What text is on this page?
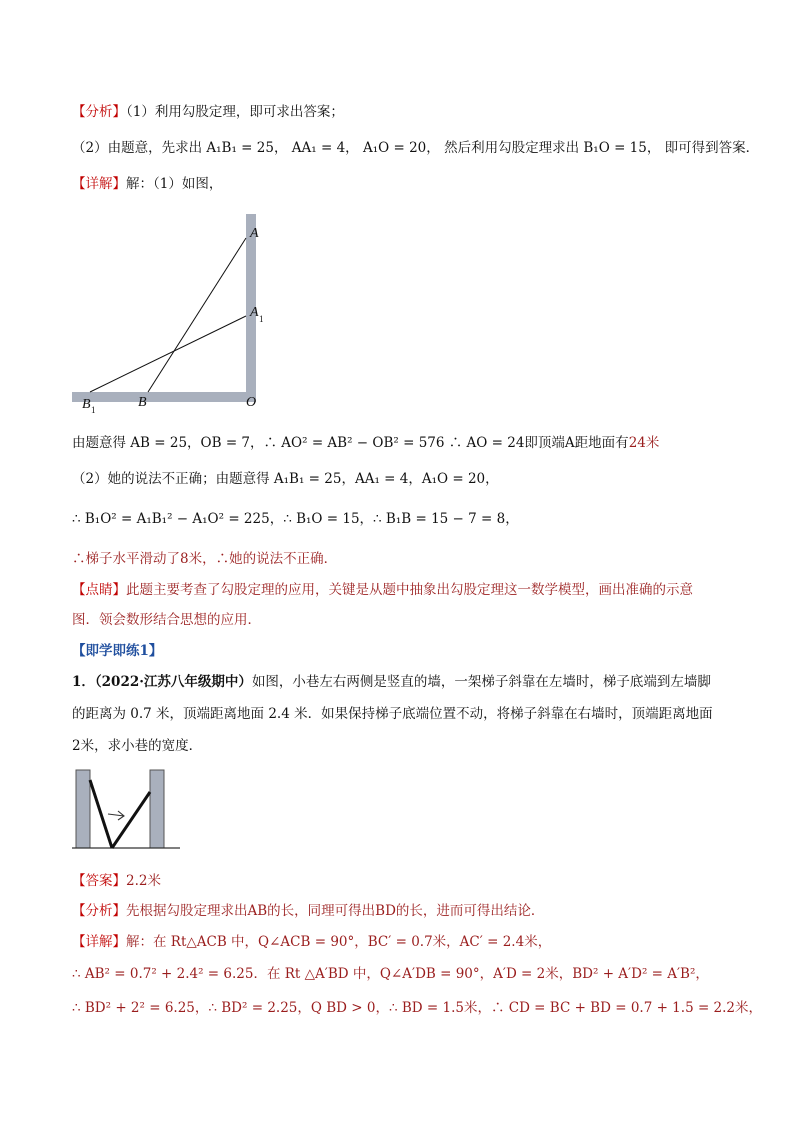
【分析】（1）利用勾股定理，即可求出答案；
（2）由题意，先求出 A₁B₁ = 25， AA₁ = 4， A₁O = 20， 然后利用勾股定理求出 B₁O = 15， 即可得到答案．
【详解】解：（1）如图，
A
A 1
B 1	B	O
由题意得 AB = 25，OB = 7，∴ AO² = AB² − OB² = 576 ∴ AO = 24即顶端A距地面有24米
（2）她的说法不正确；由题意得 A₁B₁ = 25，AA₁ = 4，A₁O = 20，
∴ B₁O² = A₁B₁² − A₁O² = 225，∴ B₁O = 15，∴ B₁B = 15 − 7 = 8，
∴梯子水平滑动了8米，∴她的说法不正确．
【点睛】此题主要考查了勾股定理的应用，关键是从题中抽象出勾股定理这一数学模型，画出准确的示意
图．领会数形结合思想的应用．
【即学即练1】
1．（2022·江苏八年级期中）如图，小巷左右两侧是竖直的墙，一架梯子斜靠在左墙时，梯子底端到左墙脚
的距离为 0.7 米，顶端距离地面 2.4 米．如果保持梯子底端位置不动，将梯子斜靠在右墙时，顶端距离地面
2米，求小巷的宽度．
【答案】2.2米
【分析】先根据勾股定理求出AB的长，同理可得出BD的长，进而可得出结论．
【详解】解：在 Rt△ACB 中，Q∠ACB = 90°，BC′ = 0.7米，AC′ = 2.4米，
∴ AB² = 0.7² + 2.4² = 6.25．在 Rt △A′BD 中，Q∠A′DB = 90°，A′D = 2米，BD² + A′D² = A′B²，
∴ BD² + 2² = 6.25，∴ BD² = 2.25，Q BD > 0，∴ BD = 1.5米，∴ CD = BC + BD = 0.7 + 1.5 = 2.2米，
